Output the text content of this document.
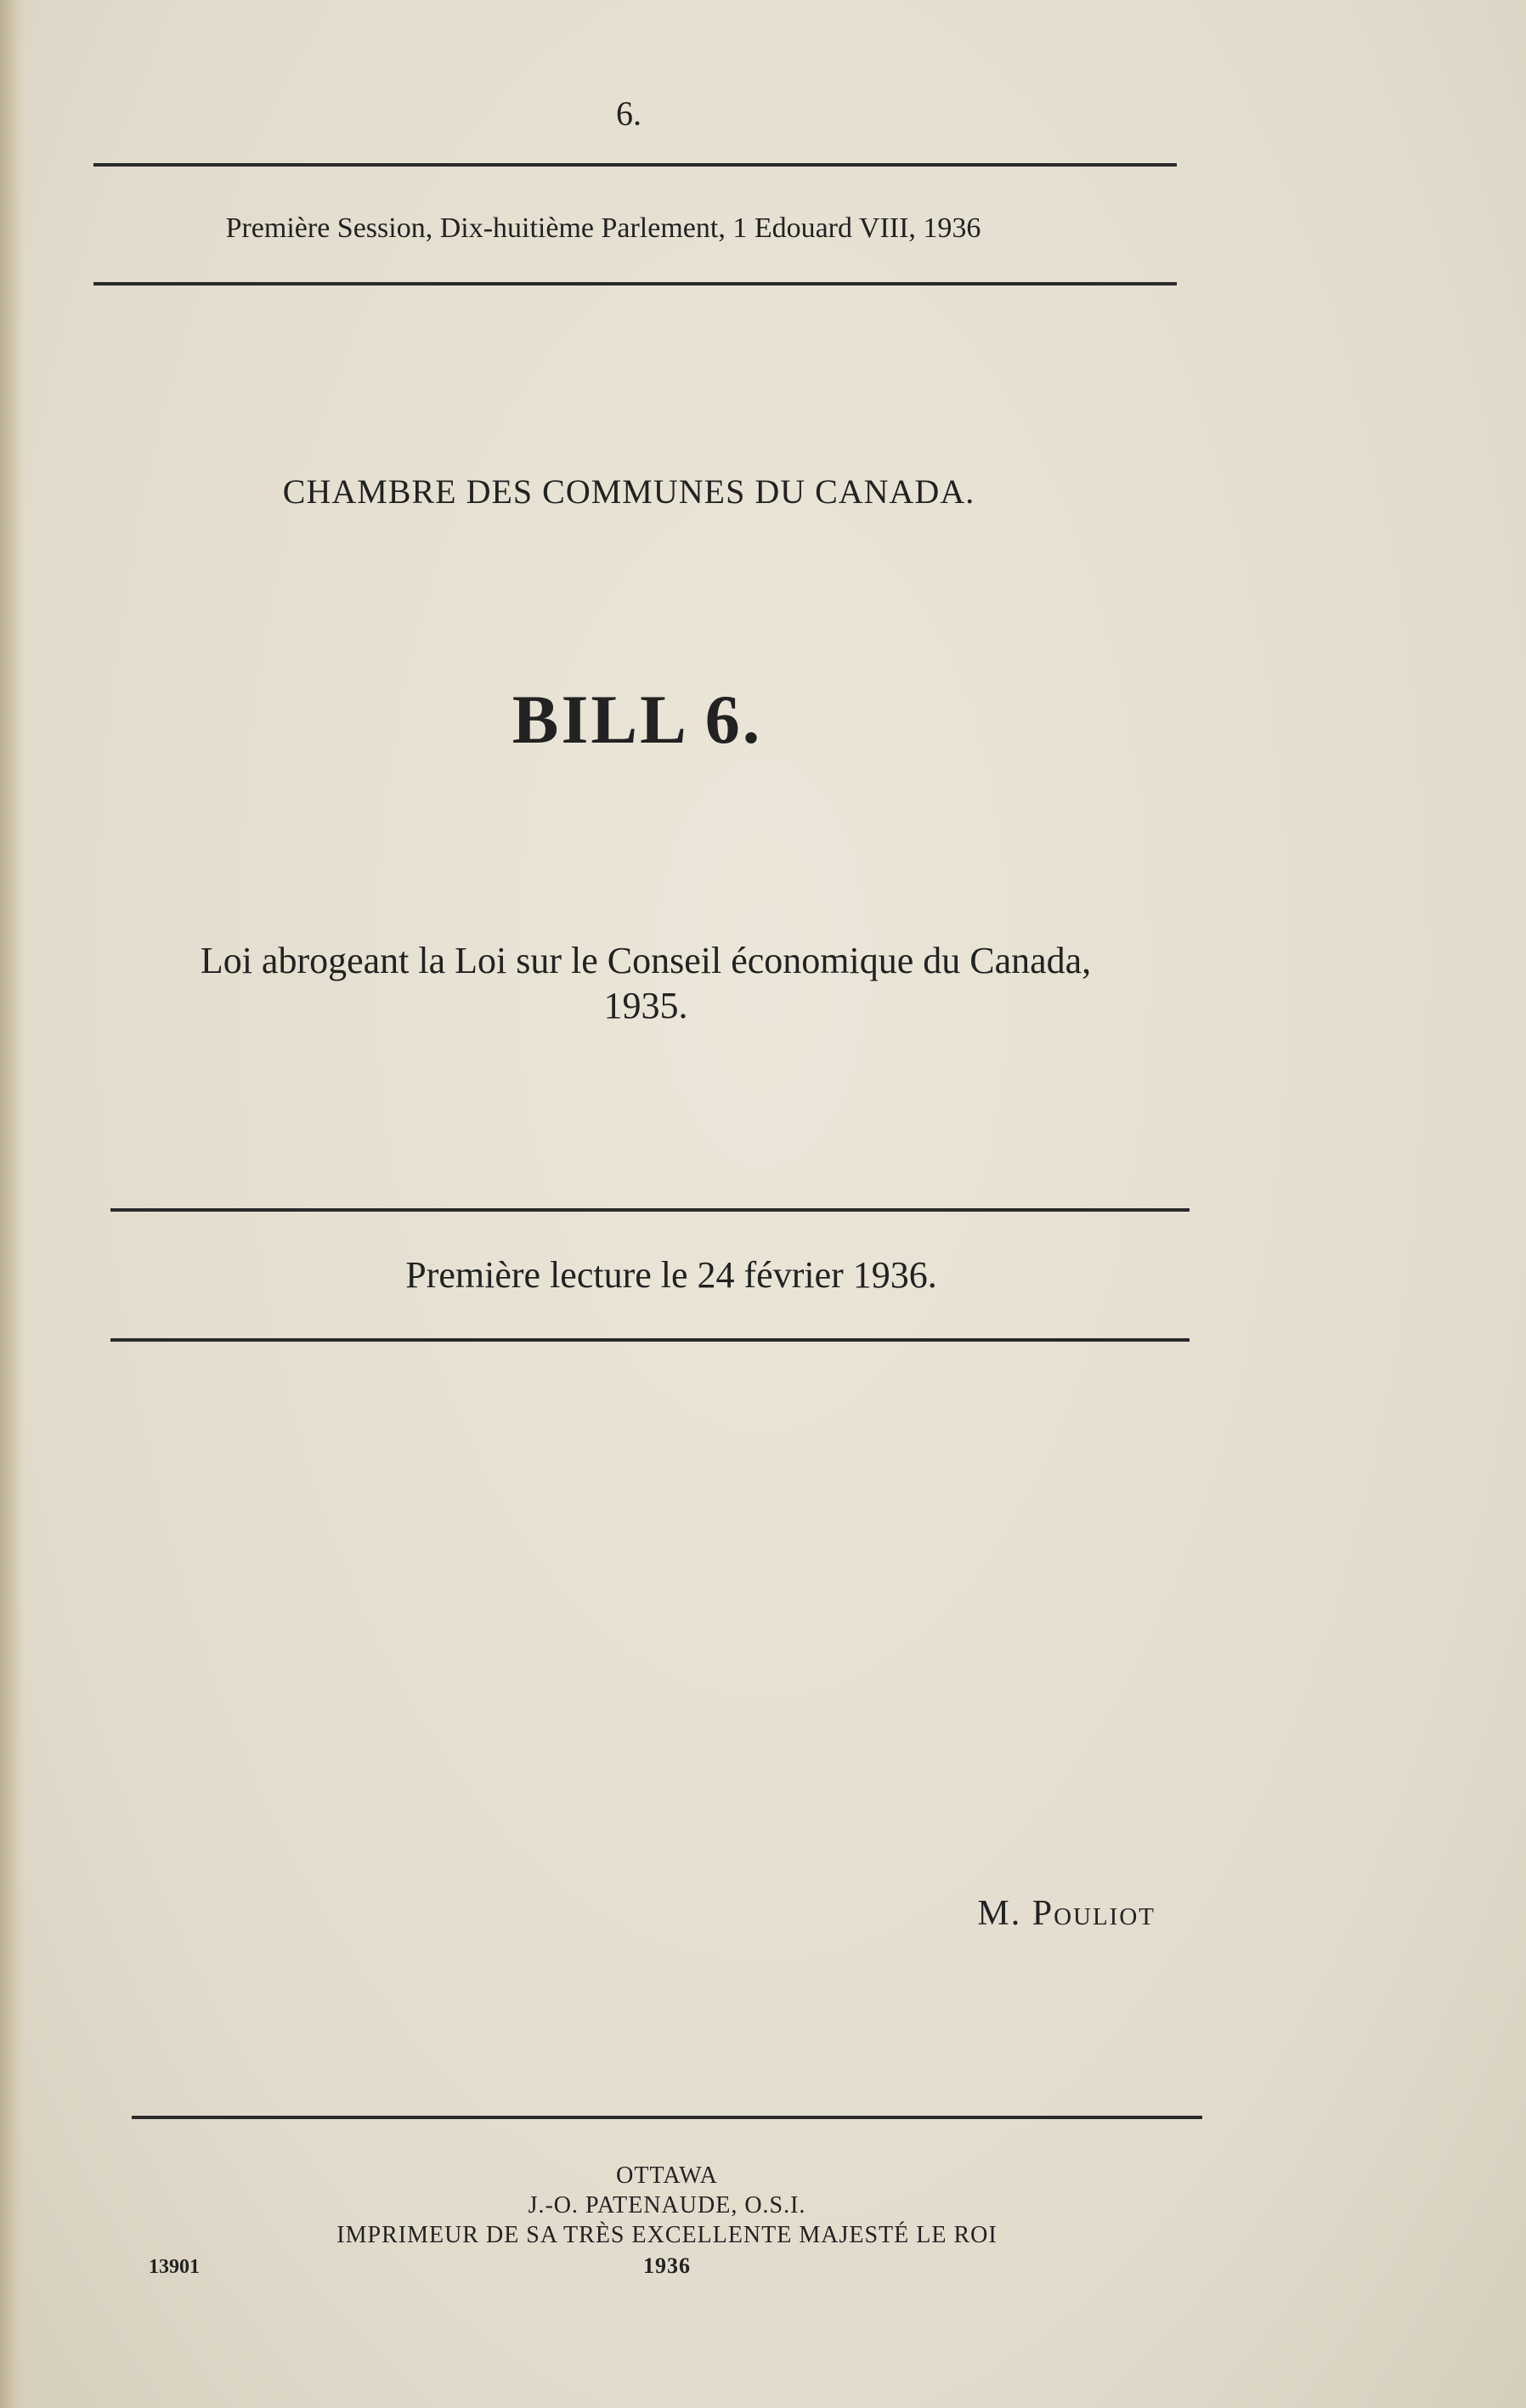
6.
Première Session, Dix-huitième Parlement, 1 Edouard VIII, 1936
CHAMBRE DES COMMUNES DU CANADA.
BILL 6.
Loi abrogeant la Loi sur le Conseil économique du Canada,
1935.
Première lecture le 24 février 1936.
M. Pouliot
OTTAWA
J.-O. PATENAUDE, O.S.I.
IMPRIMEUR DE SA TRÈS EXCELLENTE MAJESTÉ LE ROI
1936
13901
